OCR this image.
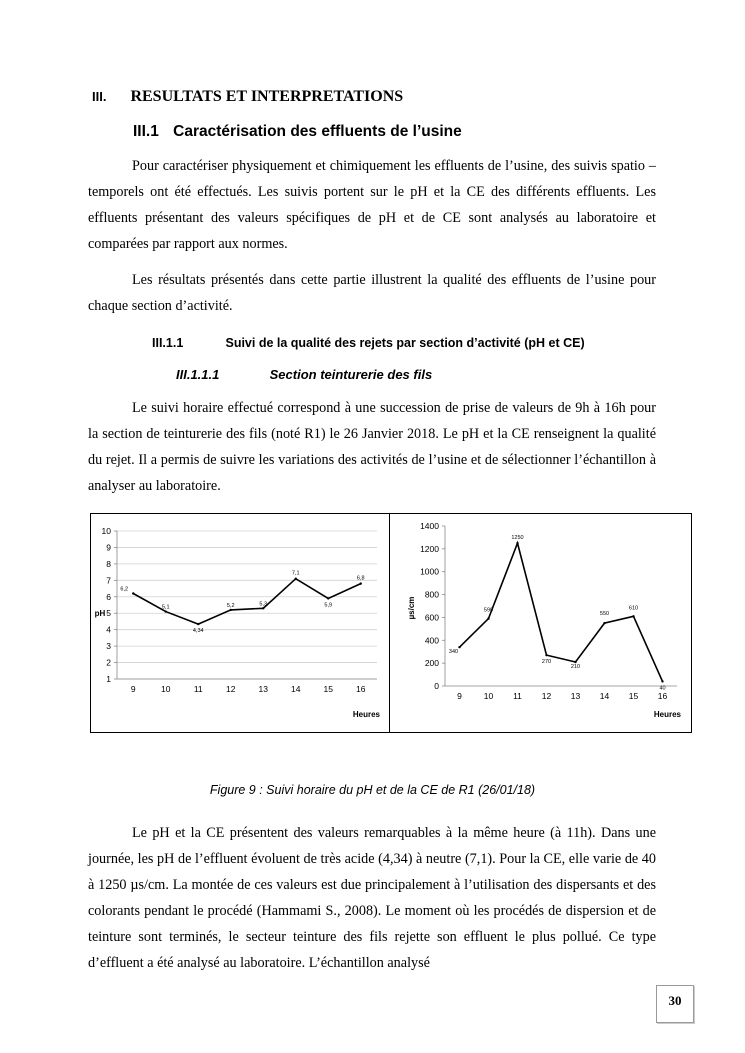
III. RESULTATS ET INTERPRETATIONS
III.1 Caractérisation des effluents de l’usine

Pour caractériser physiquement et chimiquement les effluents de l’usine, des suivis spatio – temporels ont été effectués. Les suivis portent sur le pH et la CE des différents effluents. Les effluents présentant des valeurs spécifiques de pH et de CE sont analysés au laboratoire et comparées par rapport aux normes.

Les résultats présentés dans cette partie illustrent la qualité des effluents de l’usine pour chaque section d’activité.

III.1.1	Suivi de la qualité des rejets par section d’activité (pH et CE)
III.1.1.1	Section teinturerie des fils

Le suivi horaire effectué correspond à une succession de prise de valeurs de 9h à 16h pour la section de teinturerie des fils (noté R1) le 26 Janvier 2018. Le pH et la CE renseignent la qualité du rejet. Il a permis de suivre les variations des activités de l’usine et de sélectionner l’échantillon à analyser au laboratoire.

1
2
3
4
5
6
7
8
9
10
9	10	11	12	13	14	15	16
6,2
5,1
4,34
5,2	5,3
7,1
5,9
6,8
pH
Heures
0
200
400
600
800
1000
1200
1400
9	10 11 12 13 14 15 16
340
590
1250
270
210
550
610
40
µs/cm
Heures
Figure 9 : Suivi horaire du pH et de la CE de R1 (26/01/18)

Le pH et la CE présentent des valeurs remarquables à la même heure (à 11h). Dans une journée, les pH de l’effluent évoluent de très acide (4,34) à neutre (7,1). Pour la CE, elle varie de 40 à 1250 µs/cm. La montée de ces valeurs est due principalement à l’utilisation des dispersants et des colorants pendant le procédé (Hammami S., 2008). Le moment où les procédés de dispersion et de teinture sont terminés, le secteur teinture des fils rejette son effluent le plus pollué. Ce type d’effluent a été analysé au laboratoire. L’échantillon analysé

30
